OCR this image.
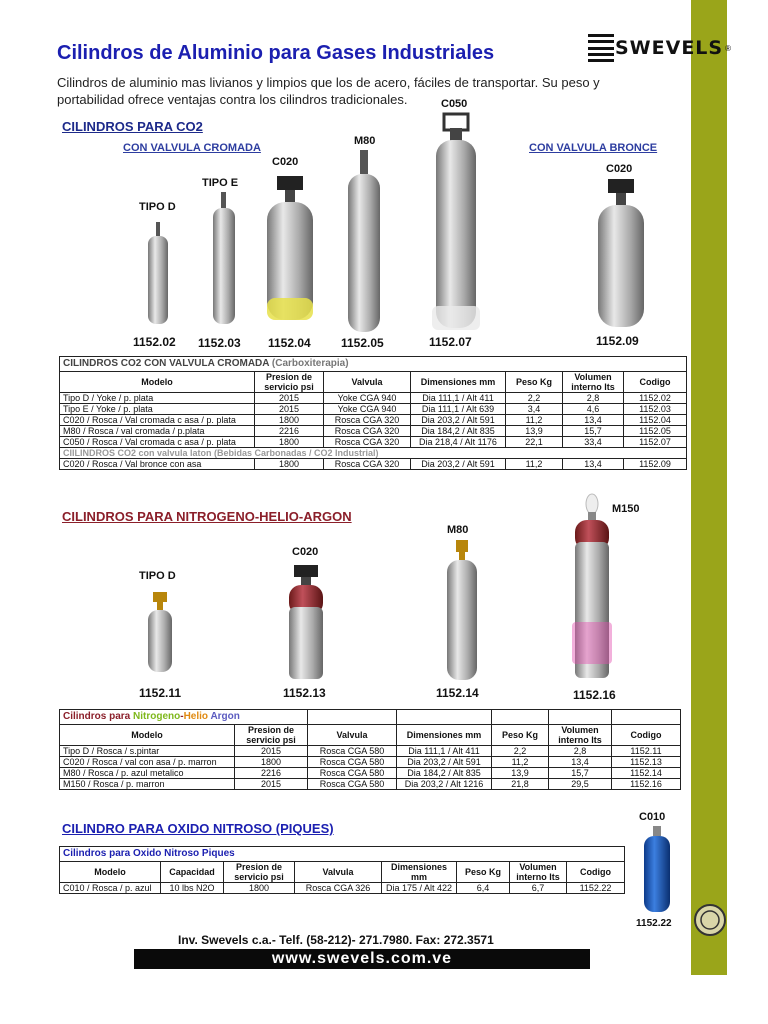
Cilindros de Aluminio para Gases Industriales	SWEVELS ®
Cilindros de aluminio mas livianos y limpios que los de acero, fáciles de transportar. Su peso y portabilidad ofrece ventajas contra los cilindros tradicionales.
CILINDROS PARA CO2
CON VALVULA CROMADA	CON VALVULA BRONCE
TIPO D
TIPO E
C020
M80
C050
C020
1152.02 1152.03 1152.04	1152.05	1152.07	1152.09
CILINDROS CO2 CON VALVULA CROMADA (Carboxiterapia)						
Modelo	Presion de servicio psi	Valvula	Dimensiones mm	Peso Kg	Volumen interno lts	Codigo
Tipo D / Yoke / p. plata	2015	Yoke CGA 940	Dia 111,1 / Alt 411	2,2	2,8	1152.02
Tipo E / Yoke / p. plata	2015	Yoke CGA 940	Dia 111,1 / Alt 639	3,4	4,6	1152.03
C020 / Rosca / Val cromada c asa / p. plata	1800	Rosca CGA 320	Dia 203,2 / Alt 591	11,2	13,4	1152.04
M80 / Rosca / val cromada / p.plata	2216	Rosca CGA 320	Dia 184,2 / Alt 835	13,9	15,7	1152.05
C050 / Rosca / Val cromada c asa / p. plata	1800	Rosca CGA 320	Dia 218,4 / Alt 1176	22,1	33,4	1152.07
CIILINDROS CO2 con valvula laton (Bebidas Carbonadas / CO2 Industrial)						
C020 / Rosca / Val bronce con asa	1800	Rosca CGA 320	Dia 203,2 / Alt 591	11,2	13,4	1152.09
CILINDROS PARA NITROGENO-HELIO-ARGON
TIPO D
C020
M80
M150
1152.11	1152.13	1152.14	1152.16
Cilindros para Nitrogeno-Helio Argon						
Modelo	Presion de servicio psi	Valvula	Dimensiones mm	Peso Kg	Volumen interno lts	Codigo
Tipo D / Rosca / s.pintar	2015	Rosca CGA 580	Dia 111,1 / Alt 411	2,2	2,8	1152.11
C020 / Rosca / val con asa / p. marron	1800	Rosca CGA 580	Dia 203,2 / Alt 591	11,2	13,4	1152.13
M80 / Rosca / p. azul metalico	2216	Rosca CGA 580	Dia 184,2 / Alt 835	13,9	15,7	1152.14
M150 / Rosca / p. marron	2015	Rosca CGA 580	Dia 203,2 / Alt 1216	21,8	29,5	1152.16
CILINDRO PARA OXIDO NITROSO (PIQUES)
C010
1152.22
Cilindros para Oxido Nitroso Piques							
Modelo	Capacidad	Presion de servicio psi	Valvula	Dimensiones mm	Peso Kg	Volumen interno lts	Codigo
C010 / Rosca / p. azul	10 lbs N2O	1800	Rosca CGA 326	Dia 175 / Alt 422	6,4	6,7	1152.22
Inv. Swevels c.a.- Telf. (58-212)- 271.7980. Fax: 272.3571
www.swevels.com.ve
